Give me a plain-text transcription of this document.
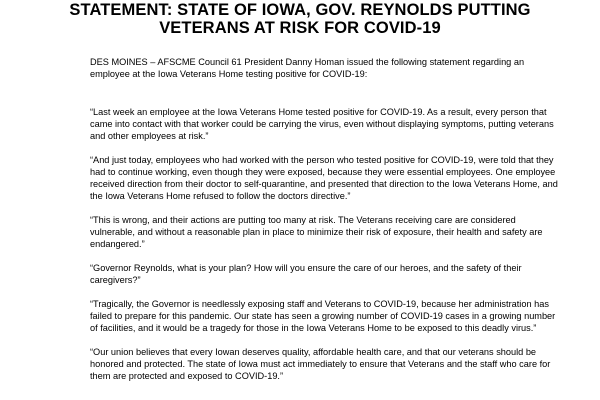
STATEMENT: STATE OF IOWA, GOV. REYNOLDS PUTTING
VETERANS AT RISK FOR COVID-19

DES MOINES – AFSCME Council 61 President Danny Homan issued the following statement regarding an employee at the Iowa Veterans Home testing positive for COVID-19:

“Last week an employee at the Iowa Veterans Home tested positive for COVID-19. As a result, every person that came into contact with that worker could be carrying the virus, even without displaying symptoms, putting veterans and other employees at risk.”

“And just today, employees who had worked with the person who tested positive for COVID-19, were told that they had to continue working, even though they were exposed, because they were essential employees. One employee received direction from their doctor to self-quarantine, and presented that direction to the Iowa Veterans Home, and the Iowa Veterans Home refused to follow the doctors directive.”

“This is wrong, and their actions are putting too many at risk. The Veterans receiving care are considered vulnerable, and without a reasonable plan in place to minimize their risk of exposure, their health and safety are endangered.”

“Governor Reynolds, what is your plan? How will you ensure the care of our heroes, and the safety of their caregivers?”

“Tragically, the Governor is needlessly exposing staff and Veterans to COVID-19, because her administration has failed to prepare for this pandemic. Our state has seen a growing number of COVID-19 cases in a growing number of facilities, and it would be a tragedy for those in the Iowa Veterans Home to be exposed to this deadly virus.”

“Our union believes that every Iowan deserves quality, affordable health care, and that our veterans should be honored and protected. The state of Iowa must act immediately to ensure that Veterans and the staff who care for them are protected and exposed to COVID-19.”
